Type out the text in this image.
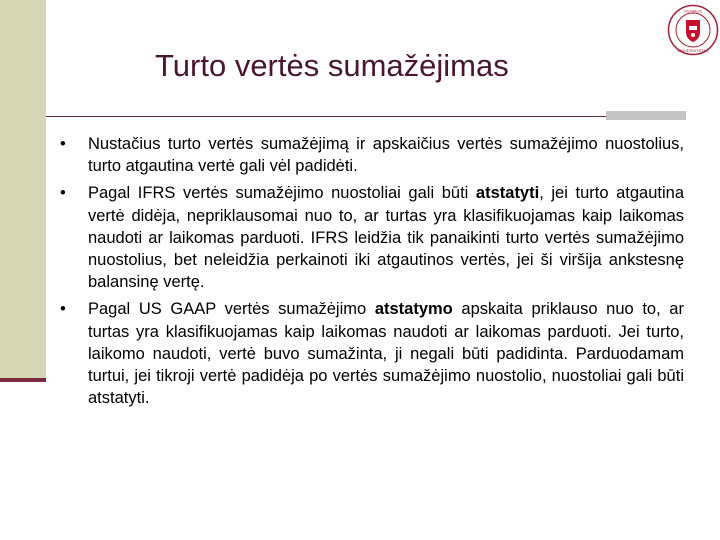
Turto vertės sumažėjimas
VILNIAUS
UNIVERSITETAS
•	Nustačius turto vertės sumažėjimą ir apskaičius vertės sumažėjimo nuostolius, turto atgautina vertė gali vėl padidėti.
•	Pagal IFRS vertės sumažėjimo nuostoliai gali būti atstatyti, jei turto atgautina vertė didėja, nepriklausomai nuo to, ar turtas yra klasifikuojamas kaip laikomas naudoti ar laikomas parduoti. IFRS leidžia tik panaikinti turto vertės sumažėjimo nuostolius, bet neleidžia perkainoti iki atgautinos vertės, jei ši viršija ankstesnę balansinę vertę.
•	Pagal US GAAP vertės sumažėjimo atstatymo apskaita priklauso nuo to, ar turtas yra klasifikuojamas kaip laikomas naudoti ar laikomas parduoti. Jei turto, laikomo naudoti, vertė buvo sumažinta, ji negali būti padidinta. Parduodamam turtui, jei tikroji vertė padidėja po vertės sumažėjimo nuostolio, nuostoliai gali būti atstatyti.
